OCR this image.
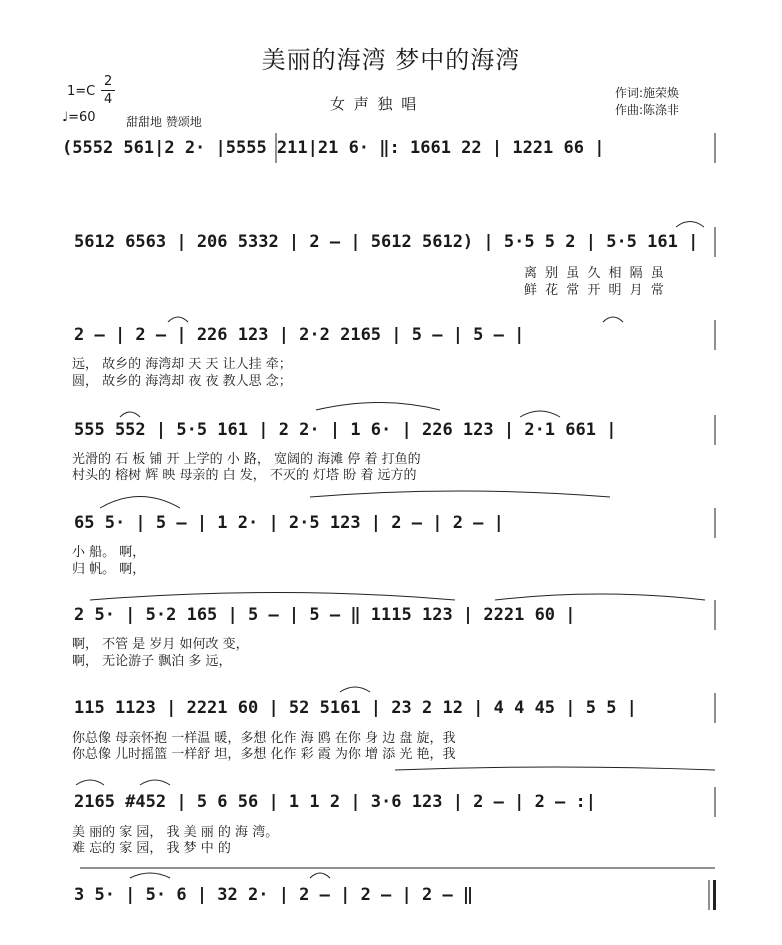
美丽的海湾 梦中的海湾
1=C
2
4
♩=60	甜甜地 赞颂地
女 声 独 唱
作词:施荣焕
作曲:陈涤非
(5552 561|2 2· |5555 211|21 6· ‖: 1661 22 | 1221 66 |
5612 6563 | 206 5332 | 2 — | 5612 5612) | 5·5 5 2 | 5·5 161 |
离 别 虽 久 相 隔 虽
鲜 花 常 开 明 月 常
2 — | 2 — | 226 123 | 2·2 2165 | 5 — | 5 — |
远， 故乡的 海湾却 天 天 让人挂 牵；
圆， 故乡的 海湾却 夜 夜 教人思 念；
555 552 | 5·5 161 | 2 2· | 1 6· | 226 123 | 2·1 661 |
光滑的 石 板 铺 开 上学的 小 路， 宽阔的 海滩 停 着 打鱼的
村头的 榕树 辉 映 母亲的 白 发， 不灭的 灯塔 盼 着 远方的
65 5· | 5 — | 1 2· | 2·5 123 | 2 — | 2 — |
小 船。 啊，
归 帆。 啊，
2 5· | 5·2 165 | 5 — | 5 — ‖ 1115 123 | 2221 60 |
啊， 不管 是 岁月 如何改 变，
啊， 无论游子 飘泊 多 远，
115 1123 | 2221 60 | 52 5161 | 23 2 12 | 4 4 45 | 5 5 |
你总像 母亲怀抱 一样温 暖，多想 化作 海 鸥 在你 身 边 盘 旋，我
你总像 儿时摇篮 一样舒 坦，多想 化作 彩 霞 为你 增 添 光 艳，我
2165 #452 | 5 6 56 | 1 1 2 | 3·6 123 | 2 — | 2 — :|
美 丽的 家 园， 我 美 丽 的 海 湾。
难 忘的 家 园， 我 梦 中 的
3 5· | 5· 6 | 32 2· | 2 — | 2 — | 2 — ‖
